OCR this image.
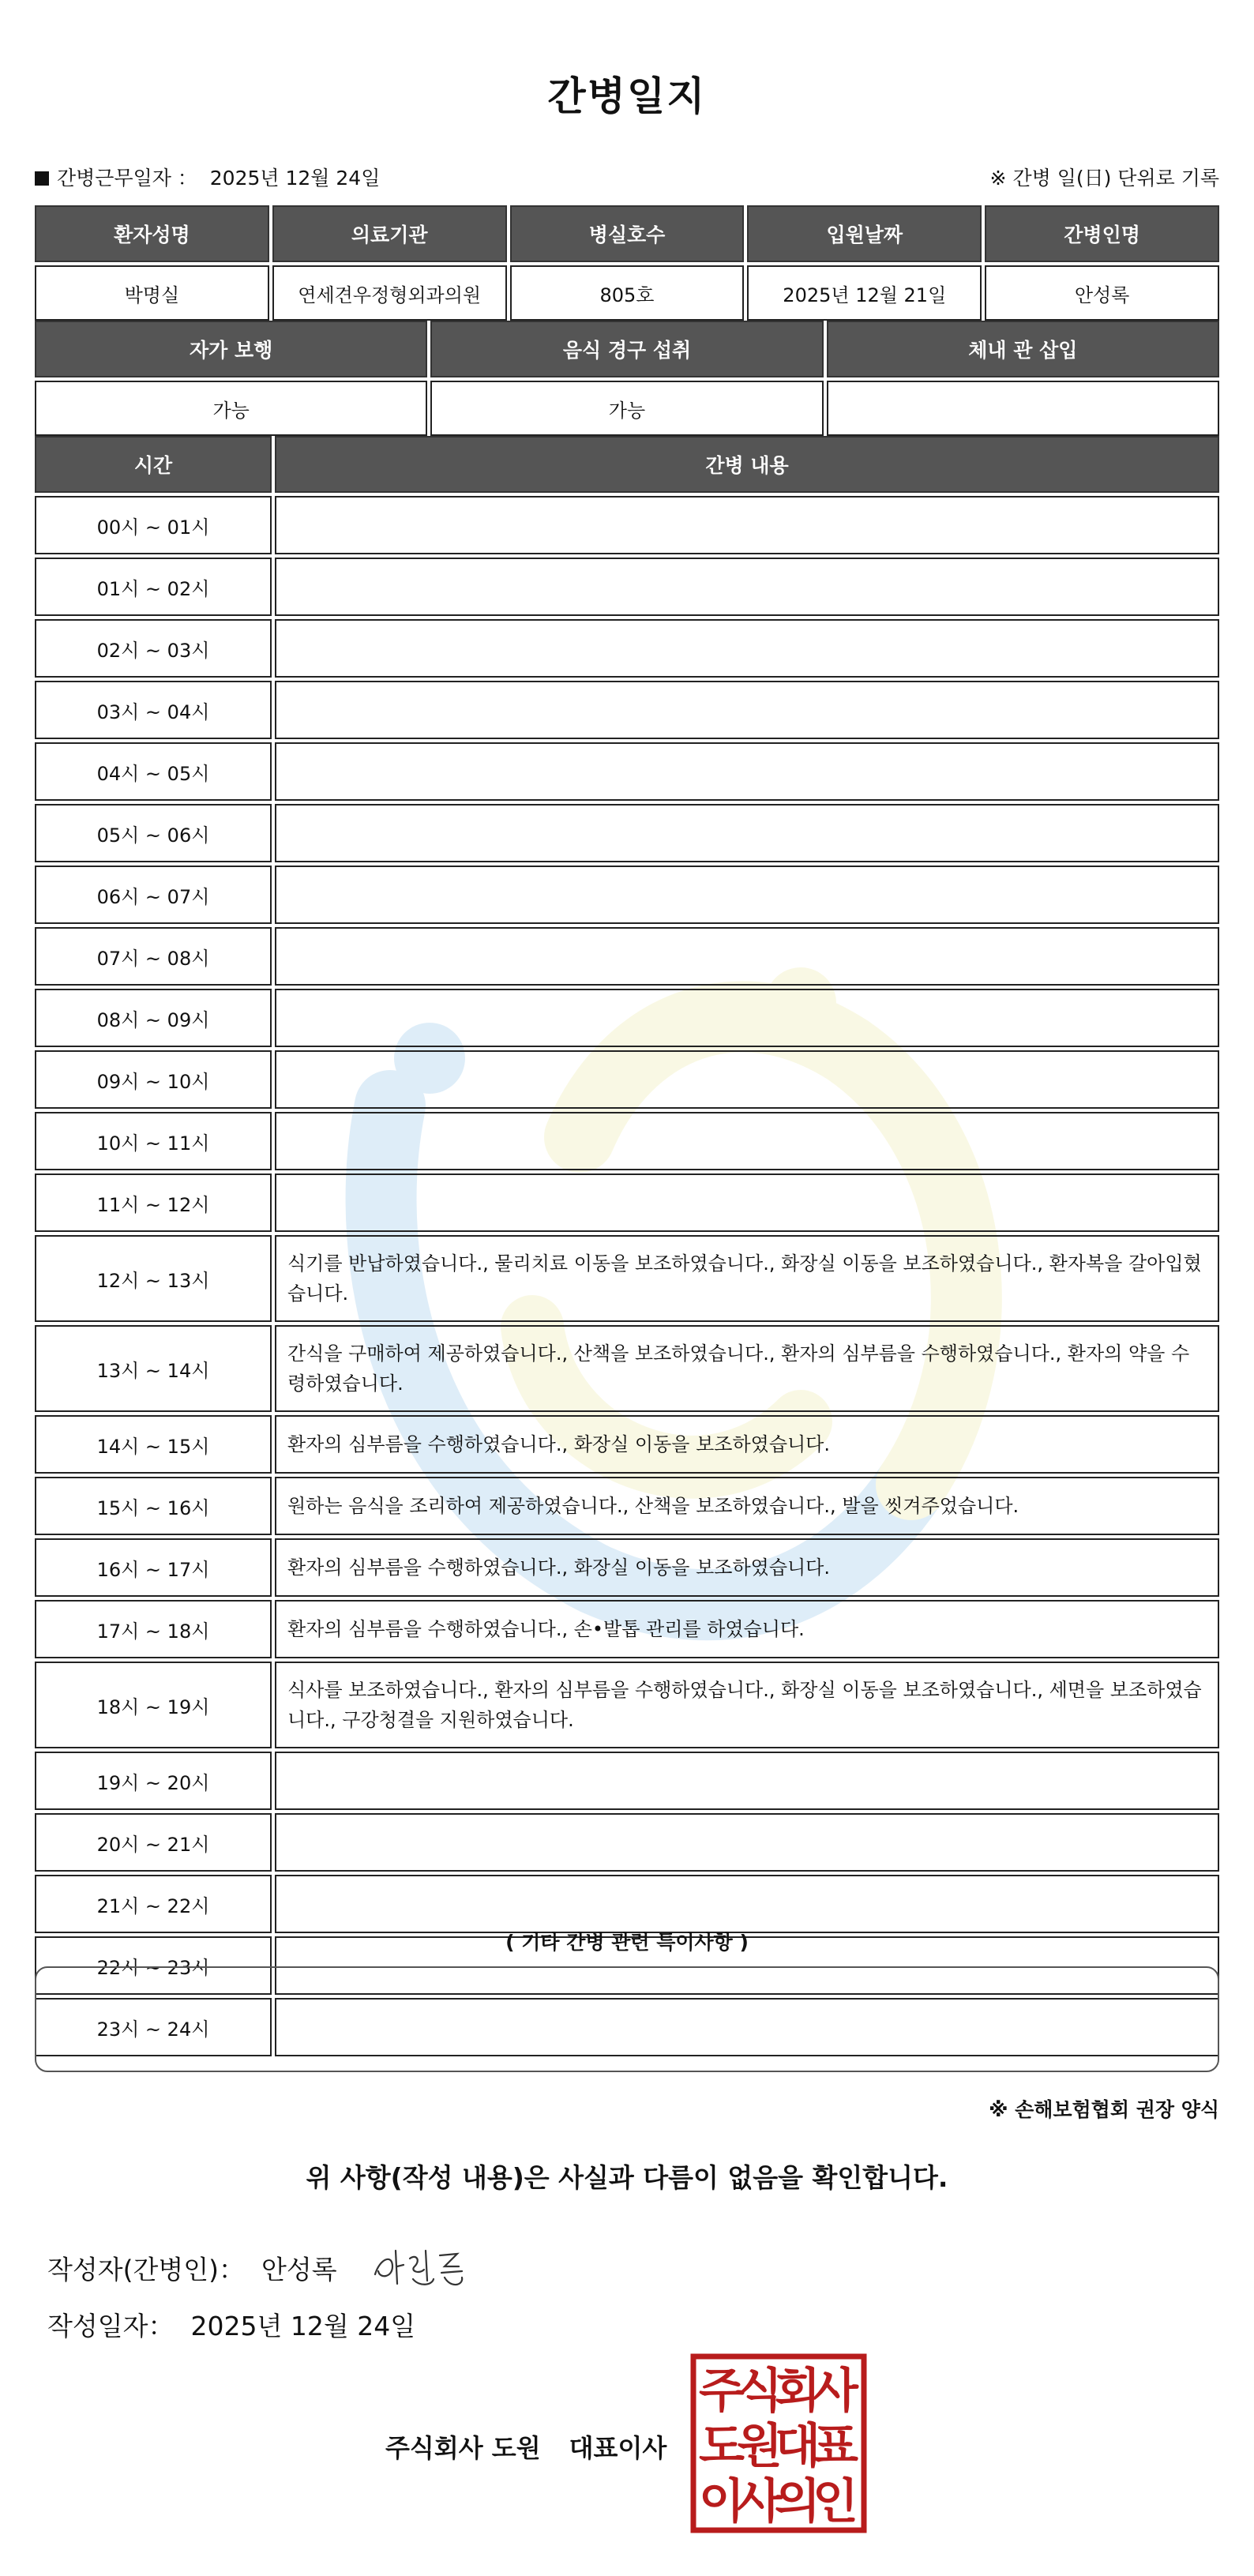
간병일지
간병근무일자 ： 2025년 12월 24일	※ 간병 일(日) 단위로 기록
환자성명	의료기관	병실호수	입원날짜	간병인명
박명실	연세견우정형외과의원	805호	2025년 12월 21일	안성록
자가 보행	음식 경구 섭취	체내 관 삽입
가능	가능	
시간	간병 내용
00시 ~ 01시	
01시 ~ 02시	
02시 ~ 03시	
03시 ~ 04시	
04시 ~ 05시	
05시 ~ 06시	
06시 ~ 07시	
07시 ~ 08시	
08시 ~ 09시	
09시 ~ 10시	
10시 ~ 11시	
11시 ~ 12시	
12시 ~ 13시	식기를 반납하였습니다., 물리치료 이동을 보조하였습니다., 화장실 이동을 보조하였습니다., 환자복을 갈아입혔습니다.
13시 ~ 14시	간식을 구매하여 제공하였습니다., 산책을 보조하였습니다., 환자의 심부름을 수행하였습니다., 환자의 약을 수령하였습니다.
14시 ~ 15시	환자의 심부름을 수행하였습니다., 화장실 이동을 보조하였습니다.
15시 ~ 16시	원하는 음식을 조리하여 제공하였습니다., 산책을 보조하였습니다., 발을 씻겨주었습니다.
16시 ~ 17시	환자의 심부름을 수행하였습니다., 화장실 이동을 보조하였습니다.
17시 ~ 18시	환자의 심부름을 수행하였습니다., 손•발톱 관리를 하였습니다.
18시 ~ 19시	식사를 보조하였습니다., 환자의 심부름을 수행하였습니다., 화장실 이동을 보조하였습니다., 세면을 보조하였습니다., 구강청결을 지원하였습니다.
19시 ~ 20시	
20시 ~ 21시	
21시 ~ 22시	
22시 ~ 23시	
23시 ~ 24시	
( 기타 간병 관련 특이사항 )
※ 손해보험협회 권장 양식
위 사항(작성 내용)은 사실과 다름이 없음을 확인합니다.
작성자(간병인)： 안성록
작성일자： 2025년 12월 24일
주식회사 도원 대표이사
주
식
회
사
도
원
대
표
이
사
의
인
